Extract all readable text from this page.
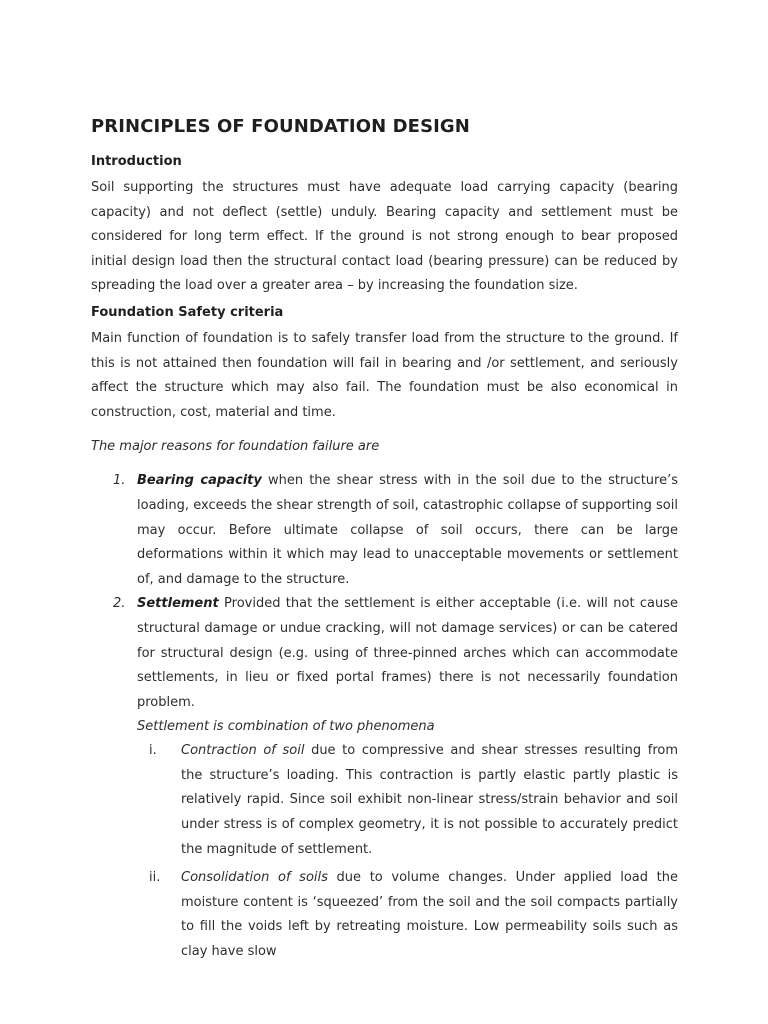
PRINCIPLES OF FOUNDATION DESIGN
Introduction

Soil supporting the structures must have adequate load carrying capacity (bearing capacity) and not deflect (settle) unduly. Bearing capacity and settlement must be considered for long term effect. If the ground is not strong enough to bear proposed initial design load then the structural contact load (bearing pressure) can be reduced by spreading the load over a greater area – by increasing the foundation size.

Foundation Safety criteria

Main function of foundation is to safely transfer load from the structure to the ground. If this is not attained then foundation will fail in bearing and /or settlement, and seriously affect the structure which may also fail. The foundation must be also economical in construction, cost, material and time.

The major reasons for foundation failure are

1. Bearing capacity when the shear stress with in the soil due to the structure’s loading, exceeds the shear strength of soil, catastrophic collapse of supporting soil may occur. Before ultimate collapse of soil occurs, there can be large deformations within it which may lead to unacceptable movements or settlement of, and damage to the structure.
2. Settlement Provided that the settlement is either acceptable (i.e. will not cause structural damage or undue cracking, will not damage services) or can be catered for structural design (e.g. using of three-pinned arches which can accommodate settlements, in lieu or fixed portal frames) there is not necessarily foundation problem.
Settlement is combination of two phenomena
i. Contraction of soil due to compressive and shear stresses resulting from the structure’s loading. This contraction is partly elastic partly plastic is relatively rapid. Since soil exhibit non-linear stress/strain behavior and soil under stress is of complex geometry, it is not possible to accurately predict the magnitude of settlement.
ii. Consolidation of soils due to volume changes. Under applied load the moisture content is ‘squeezed’ from the soil and the soil compacts partially to fill the voids left by retreating moisture. Low permeability soils such as clay have slow
